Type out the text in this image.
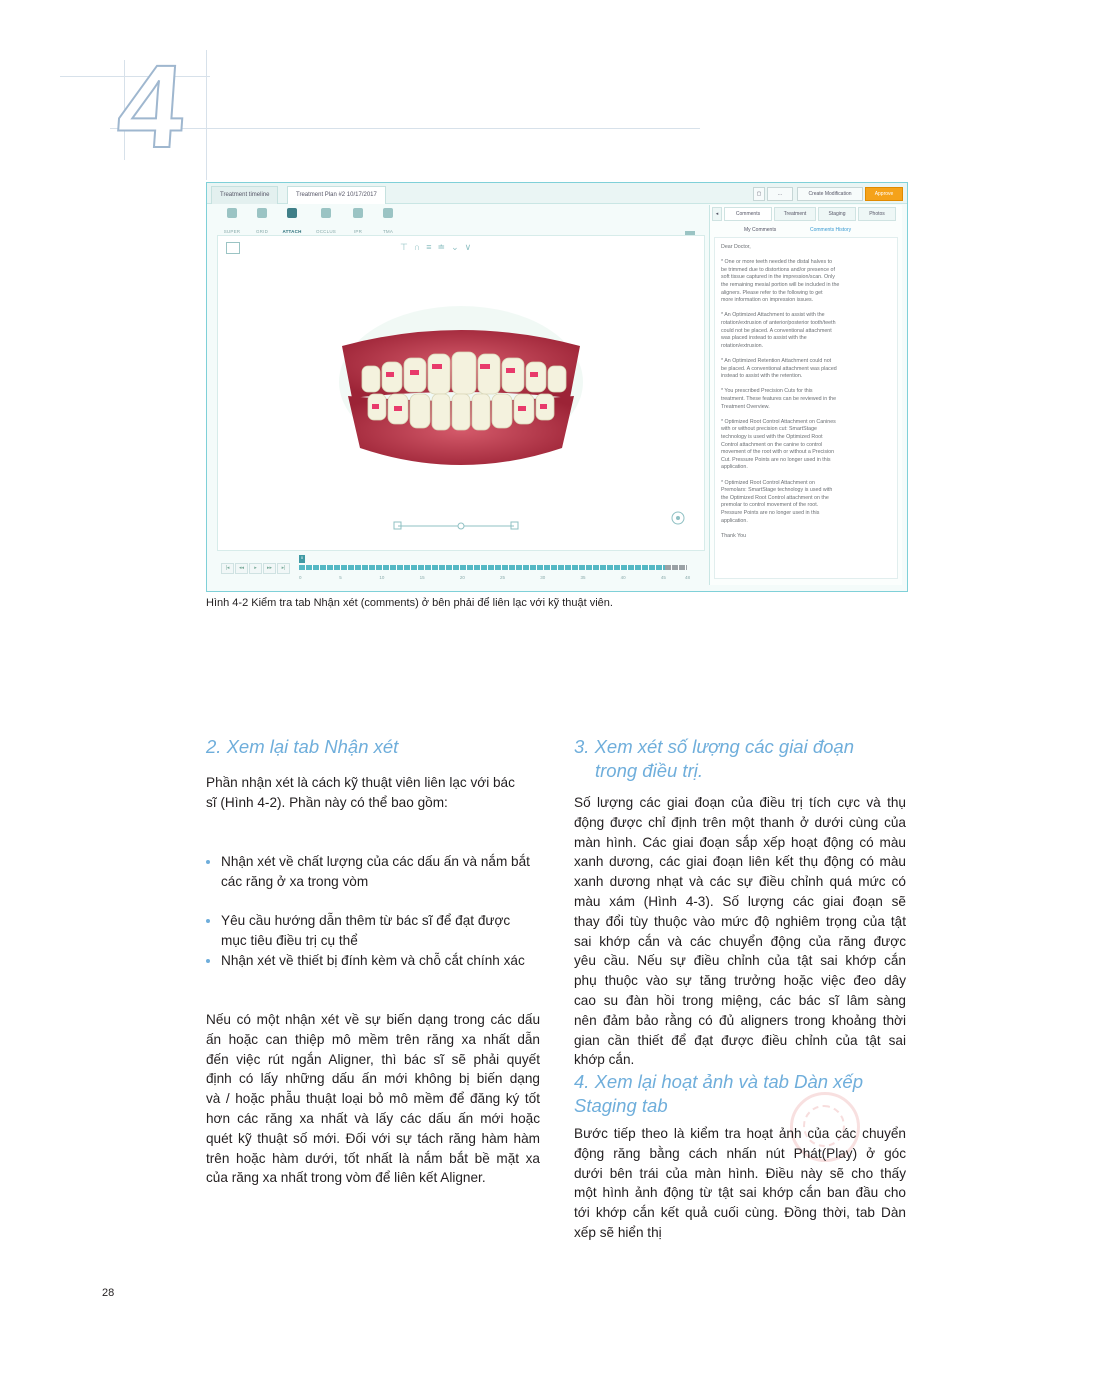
4
Treatment timeline	Treatment Plan #2 10/17/2017	▢	...	Create Modification	Approve
SUPER	GRID	ATTACH	OCCLUS	IPR	TMA
⊤∩≡≐⌄∨
◂	Comments	Treatment	Staging	Photos
My Comments	Comments History
Dear Doctor,
* One or more teeth needed the distal halves to
be trimmed due to distortions and/or presence of
soft tissue captured in the impression/scan. Only
the remaining mesial portion will be included in the
aligners. Please refer to the following to get
more information on impression issues.
* An Optimized Attachment to assist with the
rotation/extrusion of anterior/posterior tooth/teeth
could not be placed. A conventional attachment
was placed instead to assist with the
rotation/extrusion.
* An Optimized Retention Attachment could not
be placed. A conventional attachment was placed
instead to assist with the retention.
* You prescribed Precision Cuts for this
treatment. These features can be reviewed in the
Treatment Overview.
* Optimized Root Control Attachment on Canines
with or without precision cut: SmartStage
technology is used with the Optimized Root
Control attachment on the canine to control
movement of the root with or without a Precision
Cut. Pressure Points are no longer used in this
application.
* Optimized Root Control Attachment on
Premolars: SmartStage technology is used with
the Optimized Root Control attachment on the
premolar to control movement of the root.
Pressure Points are no longer used in this
application.
Thank You
|◂	◂◂	▸	▸▸	▸|
0
0	5	10	15	20	25	30	35	40	45	48
Hình 4-2 Kiểm tra tab Nhận xét (comments) ở bên phải để liên lạc với kỹ thuật viên.
2. Xem lại tab Nhận xét
Phần nhận xét là cách kỹ thuật viên liên lạc với bác
sĩ (Hình 4-2). Phần này có thể bao gồm:
Nhận xét về chất lượng của các dấu ấn và nắm bắt
các răng ở xa trong vòm
Yêu cầu hướng dẫn thêm từ bác sĩ để đạt được
mục tiêu điều trị cụ thể
Nhận xét về thiết bị đính kèm và chỗ cắt chính xác
Nếu có một nhận xét về sự biến dạng trong các dấu
ấn hoặc can thiệp mô mềm trên răng xa nhất dẫn
đến việc rút ngắn Aligner, thì bác sĩ sẽ phải quyết
định có lấy những dấu ấn mới không bị biến dạng
và / hoặc phẫu thuật loại bỏ mô mềm để đăng ký tốt
hơn các răng xa nhất và lấy các dấu ấn mới hoặc
quét kỹ thuật số mới. Đối với sự tách răng hàm hàm
trên hoặc hàm dưới, tốt nhất là nắm bắt bề mặt xa
của răng xa nhất trong vòm để liên kết Aligner.
3. Xem xét số lượng các giai đoạn
trong điều trị.
Số lượng các giai đoạn của điều trị tích cực và thụ
động được chỉ định trên một thanh ở dưới cùng của
màn hình. Các giai đoạn sắp xếp hoạt động có màu
xanh dương, các giai đoạn liên kết thụ động có màu
xanh dương nhạt và các sự điều chỉnh quá mức có
màu xám (Hình 4-3). Số lượng các giai đoạn sẽ
thay đổi tùy thuộc vào mức độ nghiêm trọng của tật
sai khớp cắn và các chuyển động của răng được
yêu cầu. Nếu sự điều chỉnh của tật sai khớp cắn
phụ thuộc vào sự tăng trưởng hoặc việc đeo dây
cao su đàn hồi trong miệng, các bác sĩ lâm sàng
nên đảm bảo rằng có đủ aligners trong khoảng thời
gian cần thiết để đạt được điều chỉnh của tật sai
khớp cắn.
4. Xem lại hoạt ảnh và tab Dàn xếp
Staging tab
Bước tiếp theo là kiểm tra hoạt ảnh của các chuyển
động răng bằng cách nhấn nút Phát(Play) ở góc
dưới bên trái của màn hình. Điều này sẽ cho thấy
một hình ảnh động từ tật sai khớp cắn ban đầu cho
tới khớp cắn kết quả cuối cùng. Đồng thời, tab Dàn
xếp sẽ hiển thị
28
